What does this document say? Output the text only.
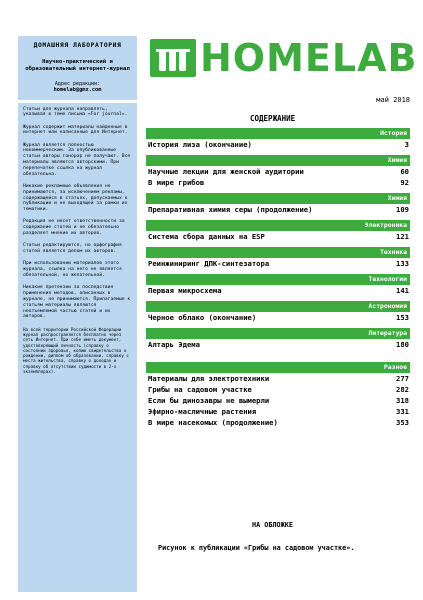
ДОМАШНЯЯ ЛАБОРАТОРИЯ
Научно-практический и образовательный интернет-журнал
Адрес редакции:
homelab@gmx.com

Статьи для журнала направлять, указывая в теме письма «For journal».

Журнал содержит материалы найденные в интернет или написанные для Интернет.

Журнал является полностью некоммерческим. Зa опубликованные статьи авторы гонорар не получают. Все материалы являются авторскими. При перепечатке ссылка на журнал обязательна.

Никакие реклaмные объявления не принимаются, за исключением рекламы, содержащейся в статьях, допускаемых к публикации и не выходящей за рамки их тематики.

Редакция не несет ответственности за содержание статей и не обязательно разделяет мнение их авторов.

Статьи редактируются, но орфография статей является делом их авторов.

При использовании материалов этого журнала, ссылка на него не является обязательной, но желательной.

Никакие претензии за последствия применения методов, описанных в журнале, не принимаются. Прилагаемые к статьям материалы являются неотъемлемой частью статей и их авторов.

На всей территории Российской Федерации журнал распространяется бесплатно через сеть Интернет. При себе иметь документ, удостоверяющий личность (справку о состоянии здоровья, копию свидетельства о рождении, диплом об образовании, справку с места жительства, справку о доходах и справку об отсутствии судимости в 2-х экземплярах).

HOMELAB
май 2018
СОДЕРЖАНИЕ
История
История лиза (окончание)	3
Химия
Научные лекции для женской аудитории	60
В мире грибов	92
Химия
Препаративная химия серы (продолжение)	109
Электроника
Система сбора данных на ESP	121
Техника
Реинжиниринг ДПК-синтезатора	133
Технологии
Первая микросхема	141
Астрономия
Черное облако (окончание)	153
Литература
Алтарь Эдема	180
Разное
Материалы для электротехники	277
Грибы на садовом участке	282
Если бы динозавры не вымерли	318
Эфирно-масличные растения	331
В мире насекомых (продолжение)	353
НА ОБЛОЖКЕ
Рисунок к публикации «Грибы на садовом участке».
